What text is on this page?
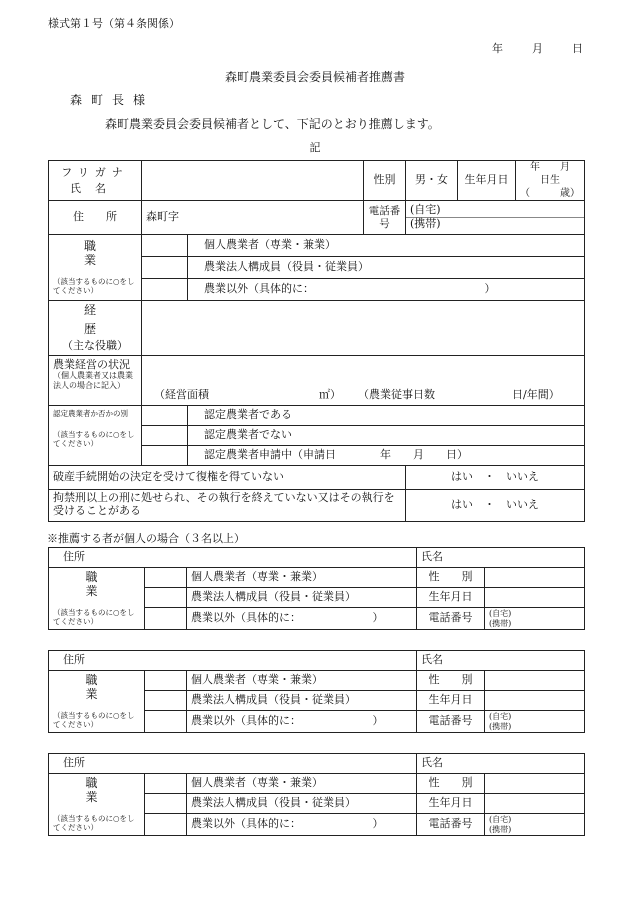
様式第１号（第４条関係）
年	月	日
森町農業委員会委員候補者推薦書
森町長様
森町農業委員会委員候補者として、下記のとおり推薦します。
記
フリガナ
氏名			性別	男・女	生年月日	年　　月　　日生
（　　　歳）
住　　所	森町字		電話番号	(自宅)
(携帯)		

職　　業
（該当するものに○をしてください）		個人農業者（専業・兼業）				
		農業法人構成員（役員・従業員）				
		農業以外（具体的に：　　　　　　　　　　　　　　　　）				
経　　歴
（主な役職）						

農業経営の状況
（個人農業者又は農業法人の場合に記入）	（経営面積　　　　　　　　　　㎡） （農業従事日数　　　　　　　日/年間）					

認定農業者か否かの別
（該当するものに○をしてください）		認定農業者である				
		認定農業者でない				
		認定農業者申請中（申請日　　　　年　　月　　日）				
破産手続開始の決定を受けて復権を得ていない				はい　・　いいえ		
拘禁刑以上の刑に処せられ、その執行を終えていない又はその執行を受けることがある				はい　・　いいえ		
※推薦する者が個人の場合（３名以上）
住所			氏名	

職　　業
（該当するものに○をしてください）		個人農業者（専業・兼業）	性　　別	
		農業法人構成員（役員・従業員）	生年月日	
		農業以外（具体的に：　　　　　　　）	電話番号	(自宅)
(携帯)
住所			氏名	

職　　業
（該当するものに○をしてください）		個人農業者（専業・兼業）	性　　別	
		農業法人構成員（役員・従業員）	生年月日	
		農業以外（具体的に：　　　　　　　）	電話番号	(自宅)
(携帯)
住所			氏名	

職　　業
（該当するものに○をしてください）		個人農業者（専業・兼業）	性　　別	
		農業法人構成員（役員・従業員）	生年月日	
		農業以外（具体的に：　　　　　　　）	電話番号	(自宅)
(携帯)
